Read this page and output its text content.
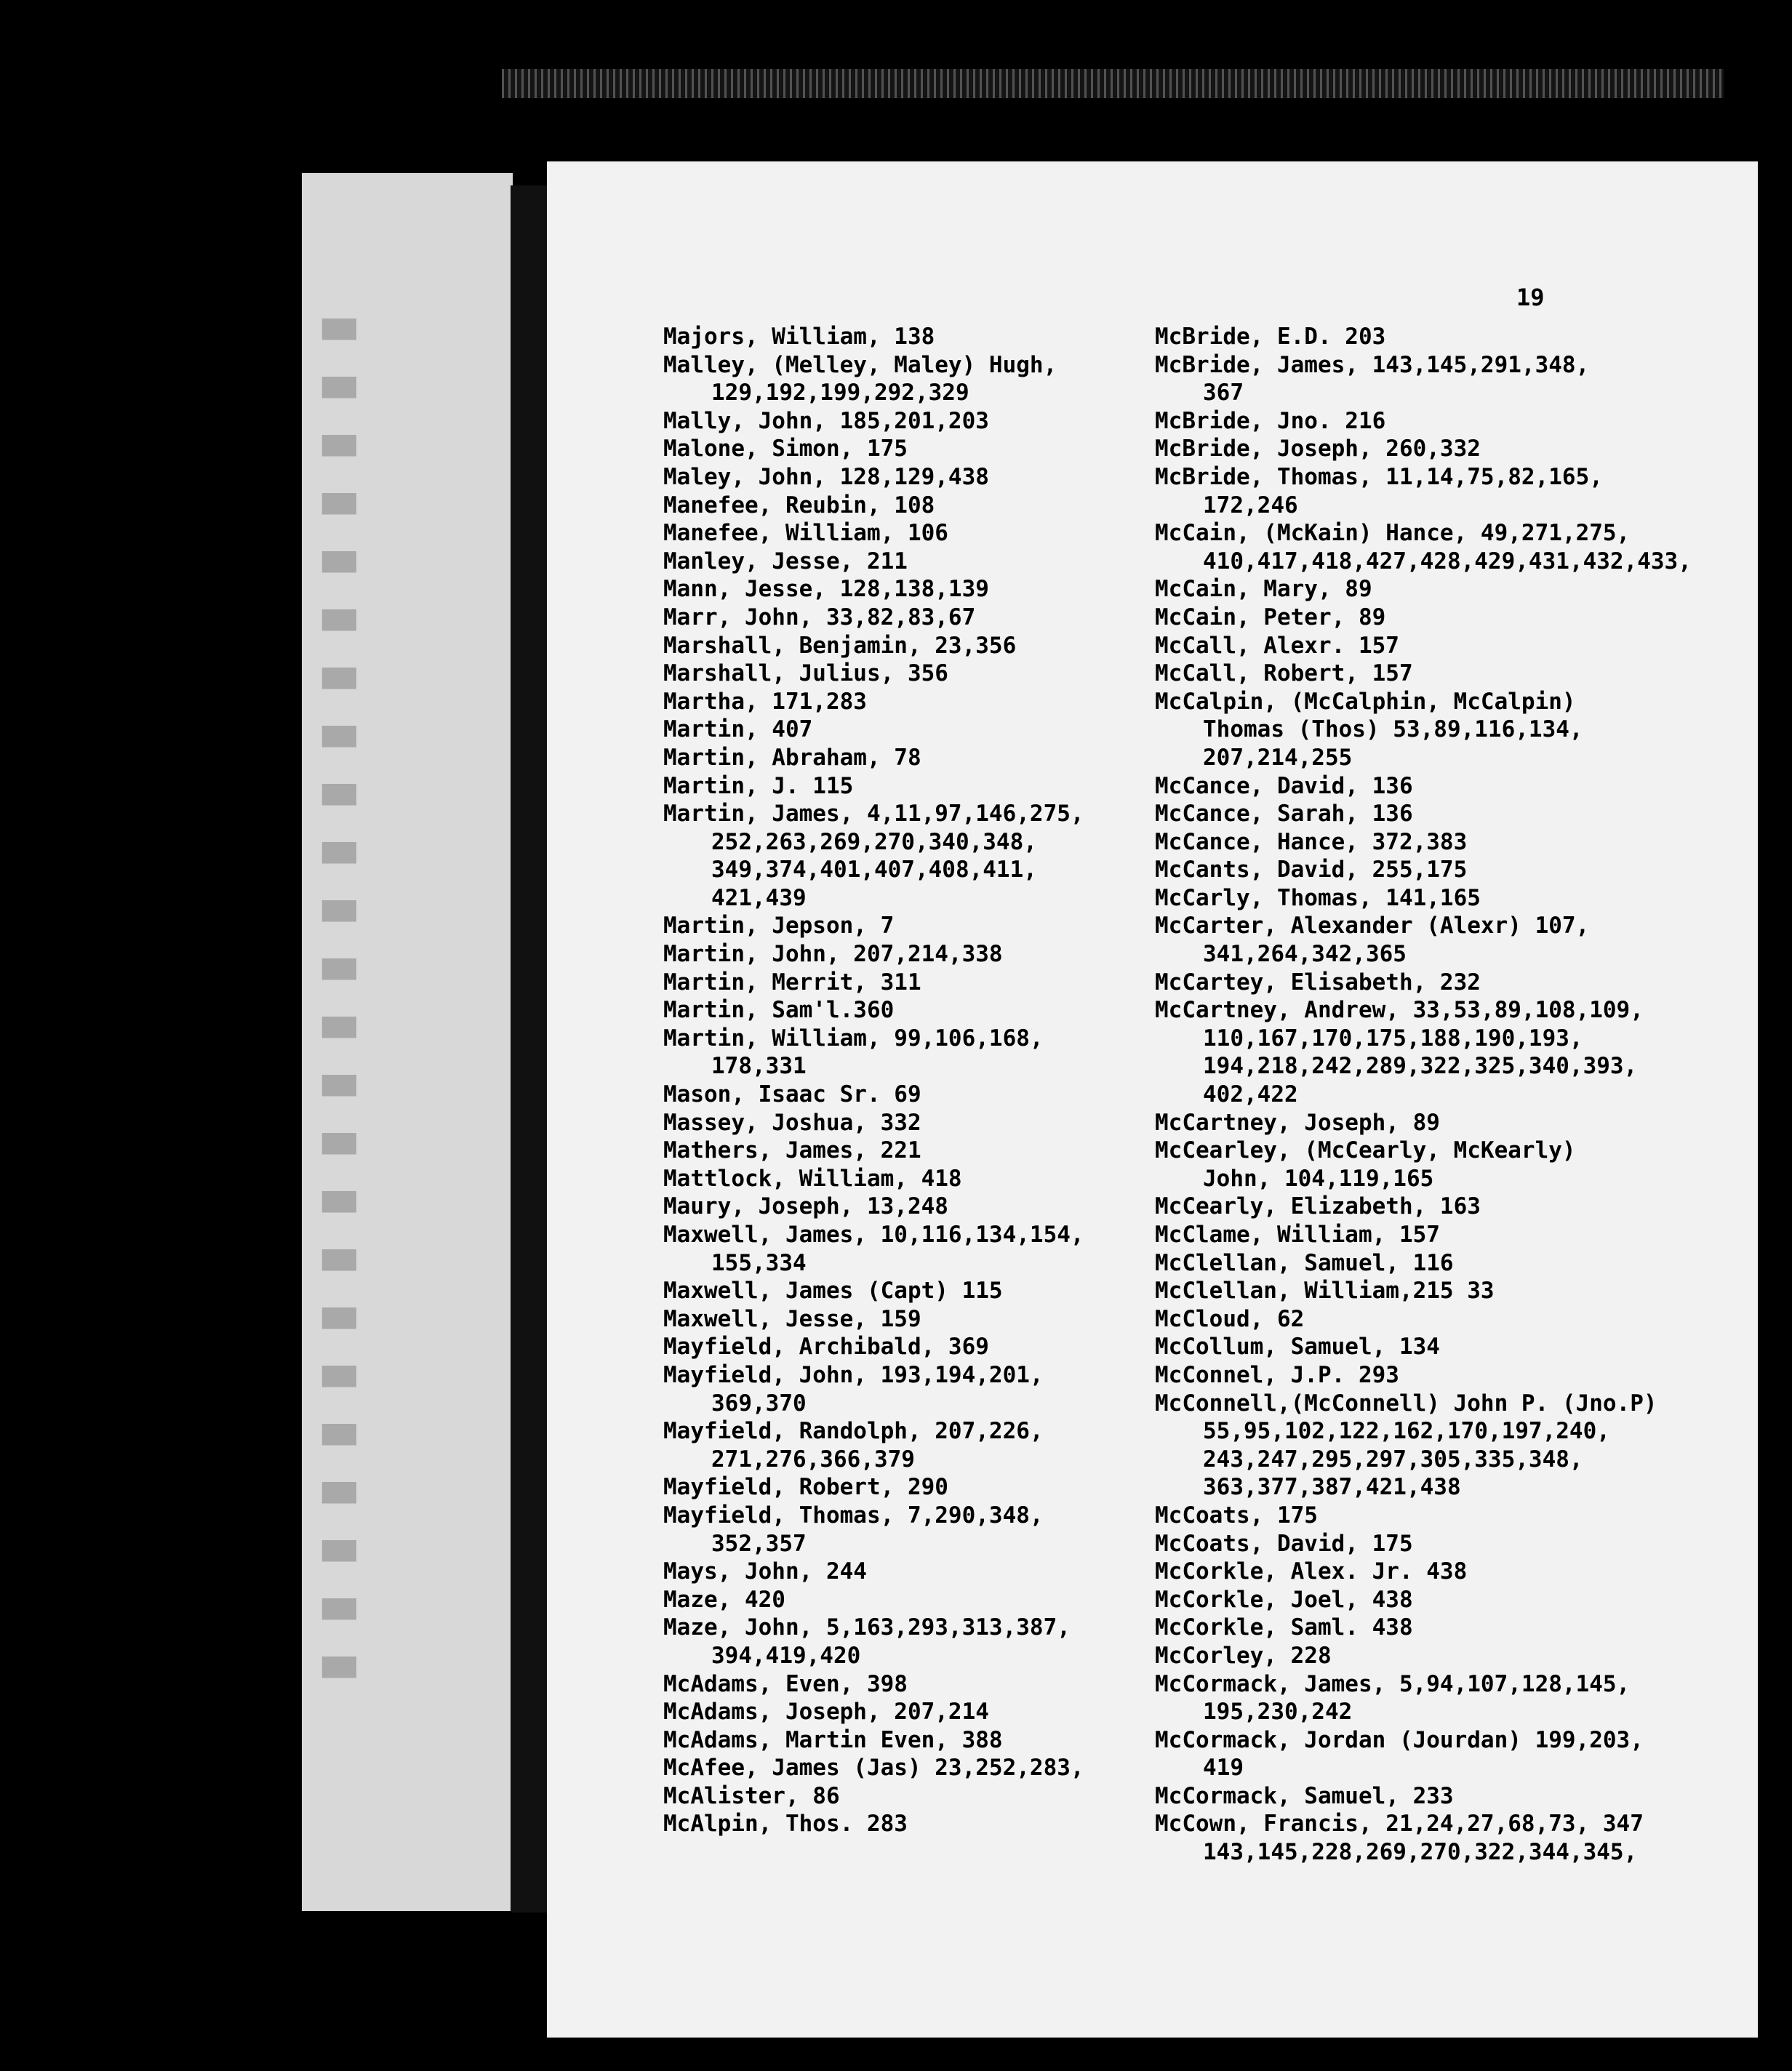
███
███
███
███
███
███
███
███
███
███
███
███
███
███
███
███
███
███
███
███
███
███
███
███
19
Majors, William, 138
Malley, (Melley, Maley) Hugh,
129,192,199,292,329
Mally, John, 185,201,203
Malone, Simon, 175
Maley, John, 128,129,438
Manefee, Reubin, 108
Manefee, William, 106
Manley, Jesse, 211
Mann, Jesse, 128,138,139
Marr, John, 33,82,83,67
Marshall, Benjamin, 23,356
Marshall, Julius, 356
Martha, 171,283
Martin, 407
Martin, Abraham, 78
Martin, J. 115
Martin, James, 4,11,97,146,275,
252,263,269,270,340,348,
349,374,401,407,408,411,
421,439
Martin, Jepson, 7
Martin, John, 207,214,338
Martin, Merrit, 311
Martin, Sam'l.360
Martin, William, 99,106,168,
178,331
Mason, Isaac Sr. 69
Massey, Joshua, 332
Mathers, James, 221
Mattlock, William, 418
Maury, Joseph, 13,248
Maxwell, James, 10,116,134,154,
155,334
Maxwell, James (Capt) 115
Maxwell, Jesse, 159
Mayfield, Archibald, 369
Mayfield, John, 193,194,201,
369,370
Mayfield, Randolph, 207,226,
271,276,366,379
Mayfield, Robert, 290
Mayfield, Thomas, 7,290,348,
352,357
Mays, John, 244
Maze, 420
Maze, John, 5,163,293,313,387,
394,419,420
McAdams, Even, 398
McAdams, Joseph, 207,214
McAdams, Martin Even, 388
McAfee, James (Jas) 23,252,283,
McAlister, 86
McAlpin, Thos. 283
McBride, E.D. 203
McBride, James, 143,145,291,348,
367
McBride, Jno. 216
McBride, Joseph, 260,332
McBride, Thomas, 11,14,75,82,165,
172,246
McCain, (McKain) Hance, 49,271,275,
410,417,418,427,428,429,431,432,433,
McCain, Mary, 89
McCain, Peter, 89
McCall, Alexr. 157
McCall, Robert, 157
McCalpin, (McCalphin, McCalpin)
Thomas (Thos) 53,89,116,134,
207,214,255
McCance, David, 136
McCance, Sarah, 136
McCance, Hance, 372,383
McCants, David, 255,175
McCarly, Thomas, 141,165
McCarter, Alexander (Alexr) 107,
341,264,342,365
McCartey, Elisabeth, 232
McCartney, Andrew, 33,53,89,108,109,
110,167,170,175,188,190,193,
194,218,242,289,322,325,340,393,
402,422
McCartney, Joseph, 89
McCearley, (McCearly, McKearly)
John, 104,119,165
McCearly, Elizabeth, 163
McClame, William, 157
McClellan, Samuel, 116
McClellan, William,215 33
McCloud, 62
McCollum, Samuel, 134
McConnel, J.P. 293
McConnell,(McConnell) John P. (Jno.P)
55,95,102,122,162,170,197,240,
243,247,295,297,305,335,348,
363,377,387,421,438
McCoats, 175
McCoats, David, 175
McCorkle, Alex. Jr. 438
McCorkle, Joel, 438
McCorkle, Saml. 438
McCorley, 228
McCormack, James, 5,94,107,128,145,
195,230,242
McCormack, Jordan (Jourdan) 199,203,
419
McCormack, Samuel, 233
McCown, Francis, 21,24,27,68,73, 347
143,145,228,269,270,322,344,345,
